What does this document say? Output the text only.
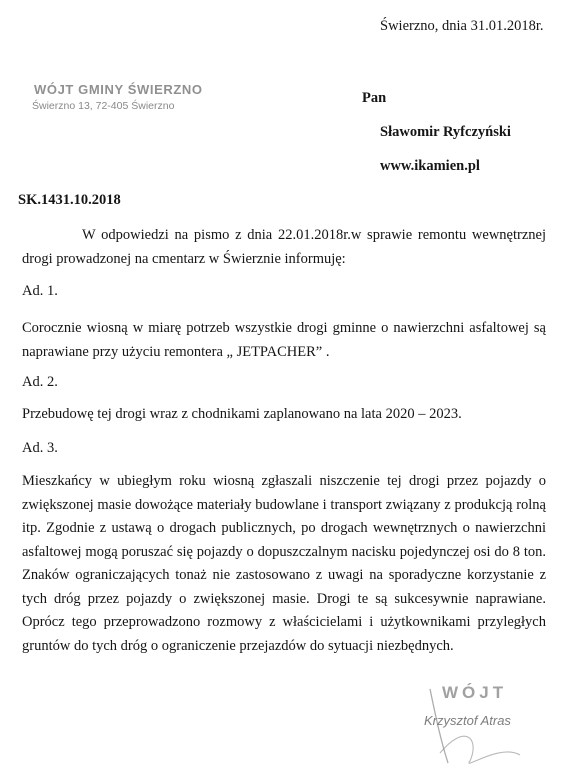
Świerzno, dnia 31.01.2018r.
WÓJT GMINY ŚWIERZNO
Świerzno 13, 72-405 Świerzno	Pan
Sławomir Ryfczyński
www.ikamien.pl
SK.1431.10.2018
W odpowiedzi na pismo z dnia 22.01.2018r.w sprawie remontu wewnętrznej drogi prowadzonej na cmentarz w Świerznie informuję:
Ad. 1.
Corocznie wiosną w miarę potrzeb wszystkie drogi gminne o nawierzchni asfaltowej są naprawiane przy użyciu remontera „ JETPACHER” .
Ad. 2.
Przebudowę tej drogi wraz z chodnikami zaplanowano na lata 2020 – 2023.
Ad. 3.
Mieszkańcy w ubiegłym roku wiosną zgłaszali niszczenie tej drogi przez pojazdy o zwiększonej masie dowożące materiały budowlane i transport związany z produkcją rolną itp. Zgodnie z ustawą o drogach publicznych, po drogach wewnętrznych o nawierzchni asfaltowej mogą poruszać się pojazdy o dopuszczalnym nacisku pojedynczej osi do 8 ton. Znaków ograniczających tonaż nie zastosowano z uwagi na sporadyczne korzystanie z tych dróg przez pojazdy o zwiększonej masie. Drogi te są sukcesywnie naprawiane. Oprócz tego przeprowadzono rozmowy z właścicielami i użytkownikami przyległych gruntów do tych dróg o ograniczenie przejazdów do sytuacji niezbędnych.
WÓJT
Krzysztof Atras
